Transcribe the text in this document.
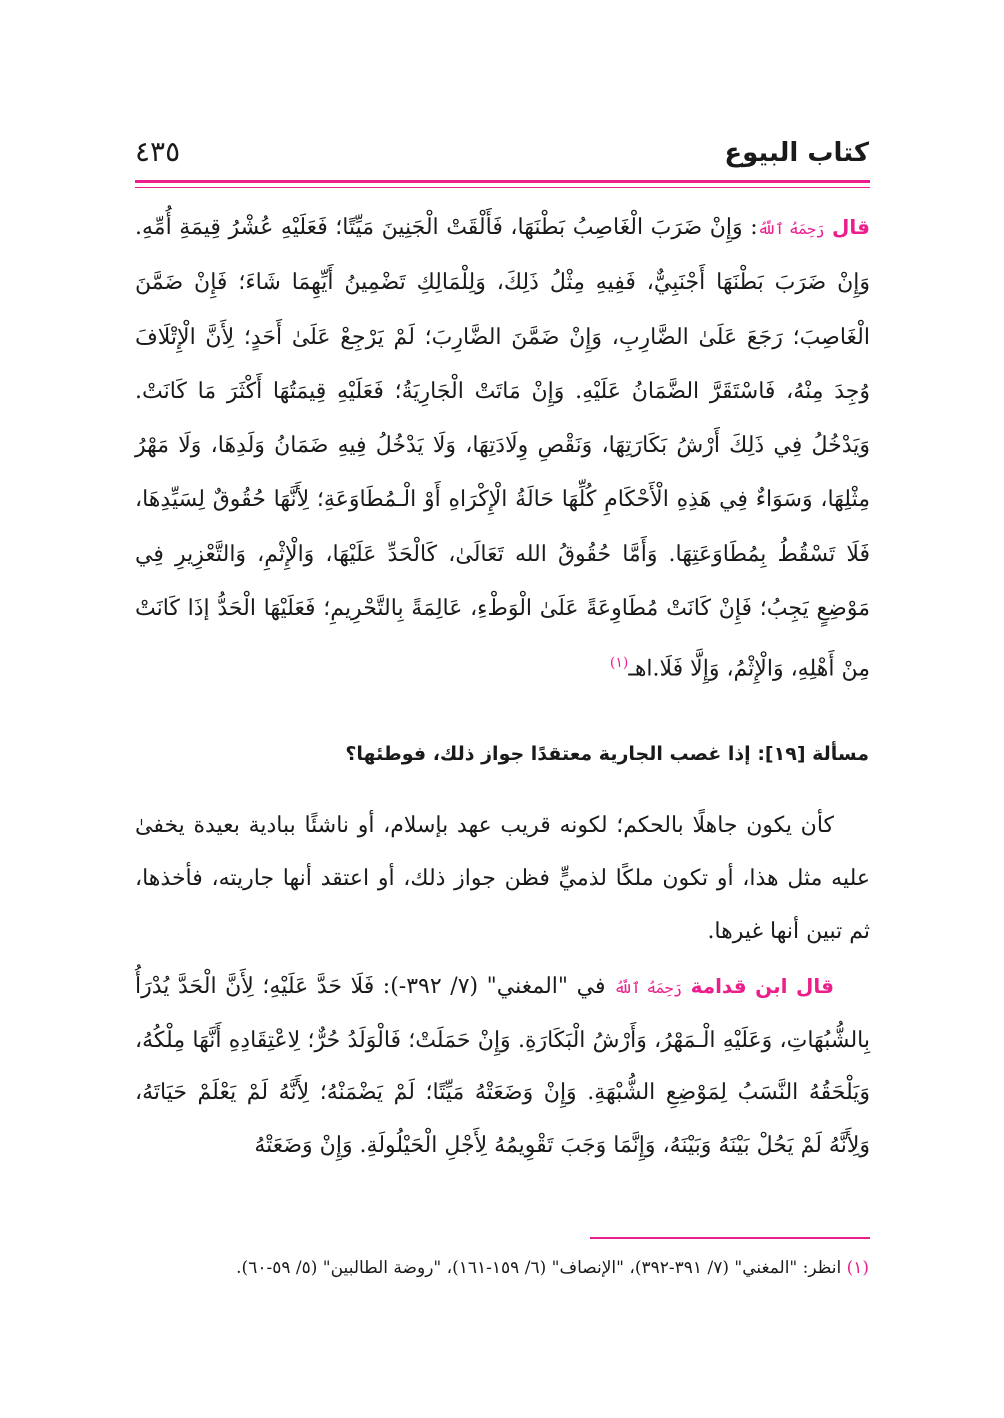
كتاب البيوع
٤٣٥
قال رَحِمَهُ ٱللَّهُ: وَإِنْ ضَرَبَ الْغَاصِبُ بَطْنَهَا، فَأَلْقَتْ الْجَنِينَ مَيِّتًا؛ فَعَلَيْهِ عُشْرُ قِيمَةِ أُمِّهِ. وَإِنْ ضَرَبَ بَطْنَهَا أَجْنَبِيٌّ، فَفِيهِ مِثْلُ ذَلِكَ، وَلِلْمَالِكِ تَضْمِينُ أَيِّهِمَا شَاءَ؛ فَإِنْ ضَمَّنَ الْغَاصِبَ؛ رَجَعَ عَلَىٰ الضَّارِبِ، وَإِنْ ضَمَّنَ الضَّارِبَ؛ لَمْ يَرْجِعْ عَلَىٰ أَحَدٍ؛ لِأَنَّ الْإِتْلَافَ وُجِدَ مِنْهُ، فَاسْتَقَرَّ الضَّمَانُ عَلَيْهِ. وَإِنْ مَاتَتْ الْجَارِيَةُ؛ فَعَلَيْهِ قِيمَتُهَا أَكْثَرَ مَا كَانَتْ. وَيَدْخُلُ فِي ذَلِكَ أَرْشُ بَكَارَتِهَا، وَنَقْصِ وِلَادَتِهَا، وَلَا يَدْخُلُ فِيهِ ضَمَانُ وَلَدِهَا، وَلَا مَهْرُ مِثْلِهَا، وَسَوَاءٌ فِي هَذِهِ الْأَحْكَامِ كُلِّهَا حَالَةُ الْإِكْرَاهِ أَوْ الْـمُطَاوَعَةِ؛ لِأَنَّهَا حُقُوقٌ لِسَيِّدِهَا، فَلَا تَسْقُطُ بِمُطَاوَعَتِهَا. وَأَمَّا حُقُوقُ الله تَعَالَىٰ، كَالْحَدِّ عَلَيْهَا، وَالْإِثْمِ، وَالتَّعْزِيرِ فِي مَوْضِعٍ يَجِبُ؛ فَإِنْ كَانَتْ مُطَاوِعَةً عَلَىٰ الْوَطْءِ، عَالِمَةً بِالتَّحْرِيمِ؛ فَعَلَيْهَا الْحَدُّ إذَا كَانَتْ مِنْ أَهْلِهِ، وَالْإِثْمُ، وَإِلَّا فَلَا.اهـ$^{(١)}$
مسألة [١٩]: إذا غصب الجارية معتقدًا جواز ذلك، فوطئها؟
كأن يكون جاهلًا بالحكم؛ لكونه قريب عهد بإسلام، أو ناشئًا ببادية بعيدة يخفىٰ عليه مثل هذا، أو تكون ملكًا لذميٍّ فظن جواز ذلك، أو اعتقد أنها جاريته، فأخذها، ثم تبين أنها غيرها.
قال ابن قدامة رَحِمَهُ ٱللَّهُ في "المغني" (٧/ ٣٩٢-): فَلَا حَدَّ عَلَيْهِ؛ لِأَنَّ الْحَدَّ يُدْرَأُ بِالشُّبُهَاتِ، وَعَلَيْهِ الْـمَهْرُ، وَأَرْشُ الْبَكَارَةِ. وَإِنْ حَمَلَتْ؛ فَالْوَلَدُ حُرٌّ؛ لِاعْتِقَادِهِ أَنَّهَا مِلْكُهُ، وَيَلْحَقُهُ النَّسَبُ لِمَوْضِعِ الشُّبْهَةِ. وَإِنْ وَضَعَتْهُ مَيِّتًا؛ لَمْ يَضْمَنْهُ؛ لِأَنَّهُ لَمْ يَعْلَمْ حَيَاتَهُ، وَلِأَنَّهُ لَمْ يَحُلْ بَيْنَهُ وَبَيْنَهُ، وَإِنَّمَا وَجَبَ تَقْوِيمُهُ لِأَجْلِ الْحَيْلُولَةِ. وَإِنْ وَضَعَتْهُ
(١) انظر: "المغني" (٧/ ٣٩١-٣٩٢)، "الإنصاف" (٦/ ١٥٩-١٦١)، "روضة الطالبين" (٥/ ٥٩-٦٠).
